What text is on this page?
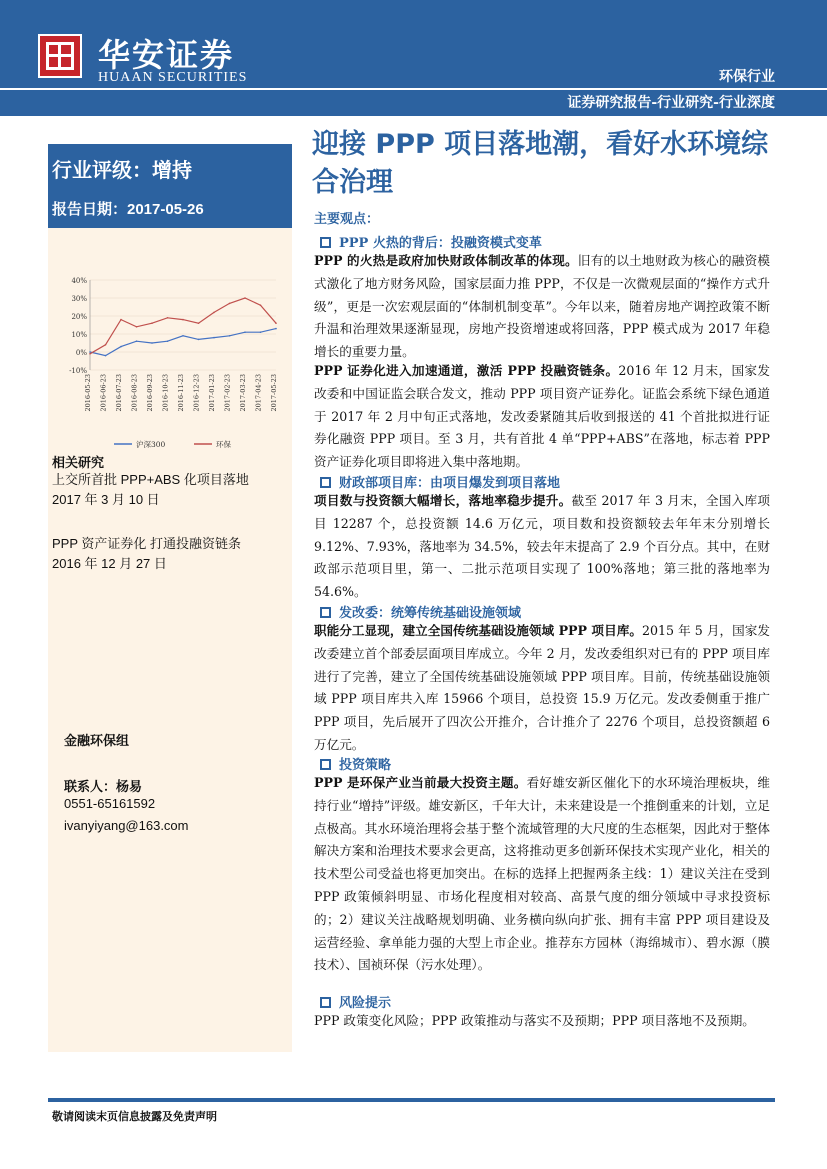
华安证券
HUAAN SECURITIES	环保行业
证券研究报告-行业研究-行业深度
行业评级：增持
报告日期：2017-05-26
40%
30%
20%
10%
0%
-10%
2016-05-23 2016-06-23 2016-07-23 2016-08-23 2016-09-23 2016-10-23 2016-11-23 2016-12-23 2017-01-23 2017-02-23 2017-03-23 2017-04-23 2017-05-23
沪深300	环保
相关研究
上交所首批 PPP+ABS 化项目落地
2017 年 3 月 10 日
PPP 资产证券化 打通投融资链条
2016 年 12 月 27 日
金融环保组
联系人：杨易
0551-65161592
ivanyiyang@163.com
迎接 PPP 项目落地潮，看好水环境综合治理
主要观点：
PPP 火热的背后：投融资模式变革
PPP 的火热是政府加快财政体制改革的体现。旧有的以土地财政为核心的融资模式激化了地方财务风险，国家层面力推 PPP，不仅是一次微观层面的“操作方式升级”，更是一次宏观层面的“体制机制变革”。今年以来，随着房地产调控政策不断升温和治理效果逐渐显现，房地产投资增速或将回落，PPP 模式成为 2017 年稳增长的重要力量。
PPP 证券化进入加速通道，激活 PPP 投融资链条。2016 年 12 月末，国家发改委和中国证监会联合发文，推动 PPP 项目资产证券化。证监会系统下绿色通道于 2017 年 2 月中旬正式落地，发改委紧随其后收到报送的 41 个首批拟进行证券化融资 PPP 项目。至 3 月，共有首批 4 单“PPP+ABS”在落地，标志着 PPP 资产证券化项目即将进入集中落地期。
财政部项目库：由项目爆发到项目落地
项目数与投资额大幅增长，落地率稳步提升。截至 2017 年 3 月末，全国入库项目 12287 个，总投资额 14.6 万亿元，项目数和投资额较去年年末分别增长 9.12%、7.93%，落地率为 34.5%，较去年末提高了 2.9 个百分点。其中，在财政部示范项目里，第一、二批示范项目实现了 100%落地；第三批的落地率为 54.6%。
发改委：统筹传统基础设施领域
职能分工显现，建立全国传统基础设施领域 PPP 项目库。2015 年 5 月，国家发改委建立首个部委层面项目库成立。今年 2 月，发改委组织对已有的 PPP 项目库进行了完善，建立了全国传统基础设施领域 PPP 项目库。目前，传统基础设施领域 PPP 项目库共入库 15966 个项目，总投资 15.9 万亿元。发改委侧重于推广 PPP 项目，先后展开了四次公开推介，合计推介了 2276 个项目，总投资额超 6 万亿元。
投资策略
PPP 是环保产业当前最大投资主题。看好雄安新区催化下的水环境治理板块，维持行业“增持”评级。雄安新区，千年大计，未来建设是一个推倒重来的计划，立足点极高。其水环境治理将会基于整个流域管理的大尺度的生态框架，因此对于整体解决方案和治理技术要求会更高，这将推动更多创新环保技术实现产业化，相关的技术型公司受益也将更加突出。在标的选择上把握两条主线：1）建议关注在受到 PPP 政策倾斜明显、市场化程度相对较高、高景气度的细分领域中寻求投资标的；2）建议关注战略规划明确、业务横向纵向扩张、拥有丰富 PPP 项目建设及运营经验、拿单能力强的大型上市企业。推荐东方园林（海绵城市）、碧水源（膜技术）、国祯环保（污水处理）。
风险提示
PPP 政策变化风险；PPP 政策推动与落实不及预期；PPP 项目落地不及预期。
敬请阅读末页信息披露及免责声明
